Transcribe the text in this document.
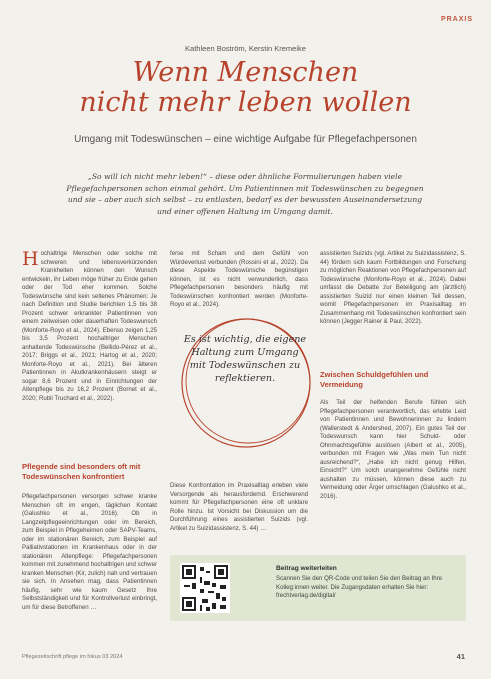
PRAXIS
Kathleen Boström, Kerstin Kremeike
Wenn Menschen
nicht mehr leben wollen
Umgang mit Todeswünschen – eine wichtige Aufgabe für Pflegefachpersonen
„So will ich nicht mehr leben!“ – diese oder ähnliche Formulierungen haben viele Pflegefachpersonen schon einmal gehört. Um Patientinnen mit Todeswünschen zu begegnen und sie – aber auch sich selbst – zu entlasten, bedarf es der bewussten Auseinandersetzung und einer offenen Haltung im Umgang damit.
Hochaltrige Menschen oder solche mit schweren und lebensverkürzenden Krankheiten können den Wunsch entwickeln, ihr Leben möge früher zu Ende gehen oder der Tod eher kommen. Solche Todeswünsche sind kein seltenes Phänomen: Je nach Definition und Studie berichten 1,5 bis 38 Prozent schwer erkrankter Patientinnen von einem zeitweisen oder dauerhaften Todeswunsch (Monforte-Royo et al., 2024). Ebenso zeigen 1,25 bis 3,5 Prozent hochaltriger Menschen anhaltende Todeswünsche (Bellido-Pérez et al., 2017; Briggs et al., 2021; Hartog et al., 2020; Monforte-Royo et al., 2021). Bei älteren Patientinnen in Akutkrankenhäusern steigt er sogar 8,6 Prozent und in Einrichtungen der Altenpflege bis zu 16,2 Prozent (Bornet et al., 2020; Rubli Truchard et al., 2022).
Pflegende sind besonders oft mit Todeswünschen konfrontiert
Pflegefachpersonen versorgen schwer kranke Menschen oft im engen, täglichen Kontakt (Galushko et al., 2016). Ob in Langzeitpflegeeinrichtungen oder im Bereich, zum Beispiel in Pflegeheimen oder SAPV-Teams, oder im stationären Bereich, zum Beispiel auf Palliativstationen im Krankenhaus oder in der stationären Altenpflege: Pflegefachpersonen kommen mit zunehmend hochaltrigen und schwer kranken Menschen (Kir, zulich) nah und vertrauen sie sich. In Ansehen mag, dass Patientinnen häufig, sehr wie kaum Gesetz Ihre Selbstständigkeit und für Kontrollverlust einbringt, um für diese Betroffenen …
ferse mit Scham und dem Gefühl von Würdeverlust verbunden (Rossini et al., 2022). Da diese Aspekte Todeswünsche begünstigen können, ist es nicht verwunderlich, dass Pflegefachpersonen besonders häufig mit Todeswünschen konfrontiert werden (Monforte-Royo et al., 2024).
Es ist wichtig, die eigene Haltung zum Umgang mit Todeswünschen zu reflektieren.
Diese Konfrontation im Praxisalltag erleben viele Versorgende als herausfordernd. Erschwerend kommt für Pflegefachpersonen eine oft unklare Rolle hinzu. Ist Vorsicht bei Diskussion um die Durchführung eines assistierten Suizids (vgl. Artikel zu Suizidassistenz, S. 44) …
assistierten Suizids (vgl. Artikel zu Suizidassistenz, S. 44) fördern sich kaum Fortbildungen und Forschung zu möglichen Reaktionen von Pflegefachpersonen auf Todeswünsche (Monforte-Royo et al., 2024). Dabei umfasst die Debatte zur Beteiligung am (ärztlich) assistierten Suizid nur einen kleinen Teil dessen, womit Pflegefachpersonen im Praxisalltag im Zusammenhang mit Todeswünschen konfrontiert sein können (Jegger Rainer & Paul, 2022).
Zwischen Schuldgefühlen und Vermeidung
Als Teil der helfenden Berufe fühlen sich Pflegefachpersonen verantwortlich, das erlebte Leid von Patientinnen und Bewohnerinnen zu lindern (Wallerstedt & Andershed, 2007). Ein gutes Teil der Todeswunsch kann hier Schuld- oder Ohnmachtsgefühle auslösen (Albert et al., 2005), verbunden mit Fragen wie „Was mein Tun nicht ausreichend?“, „Habe ich nicht genug Hilfen, Einsicht?“ Um solch unangenehme Gefühle nicht aushalten zu müssen, können diese auch zu Vermeidung oder Ärger umschlagen (Galushko et al., 2016).
Beitrag weiterleiten
Scannen Sie den QR-Code und teilen Sie den Beitrag an Ihre Kolleg:innen weiter. Die Zugangsdaten erhalten Sie hier: frechtverlag.de/digital/
Pflegezeitschrift pflege im fokus 03 2024	41
